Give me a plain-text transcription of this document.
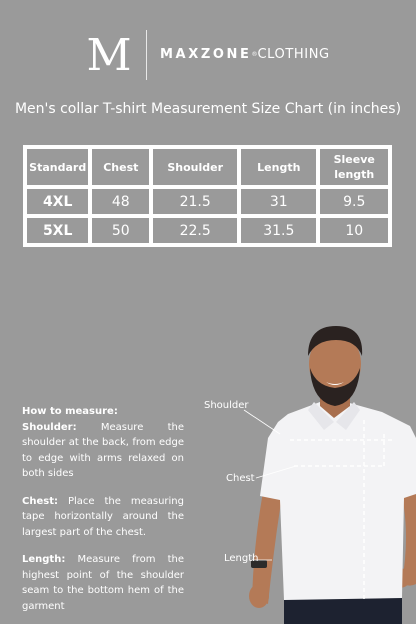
M MAXZONE®CLOTHING
Men's collar T-shirt Measurement Size Chart (in inches)
Standard	Chest	Shoulder	Length	Sleeve length
4XL	48	21.5	31	9.5
5XL	50	22.5	31.5	10
How to measure:

Shoulder: Measure the shoulder at the back, from edge to edge with arms relaxed on both sides

Chest: Place the measuring tape horizontally around the largest part of the chest.

Length: Measure from the highest point of the shoulder seam to the bottom hem of the garment

Shoulder
Chest
Length
